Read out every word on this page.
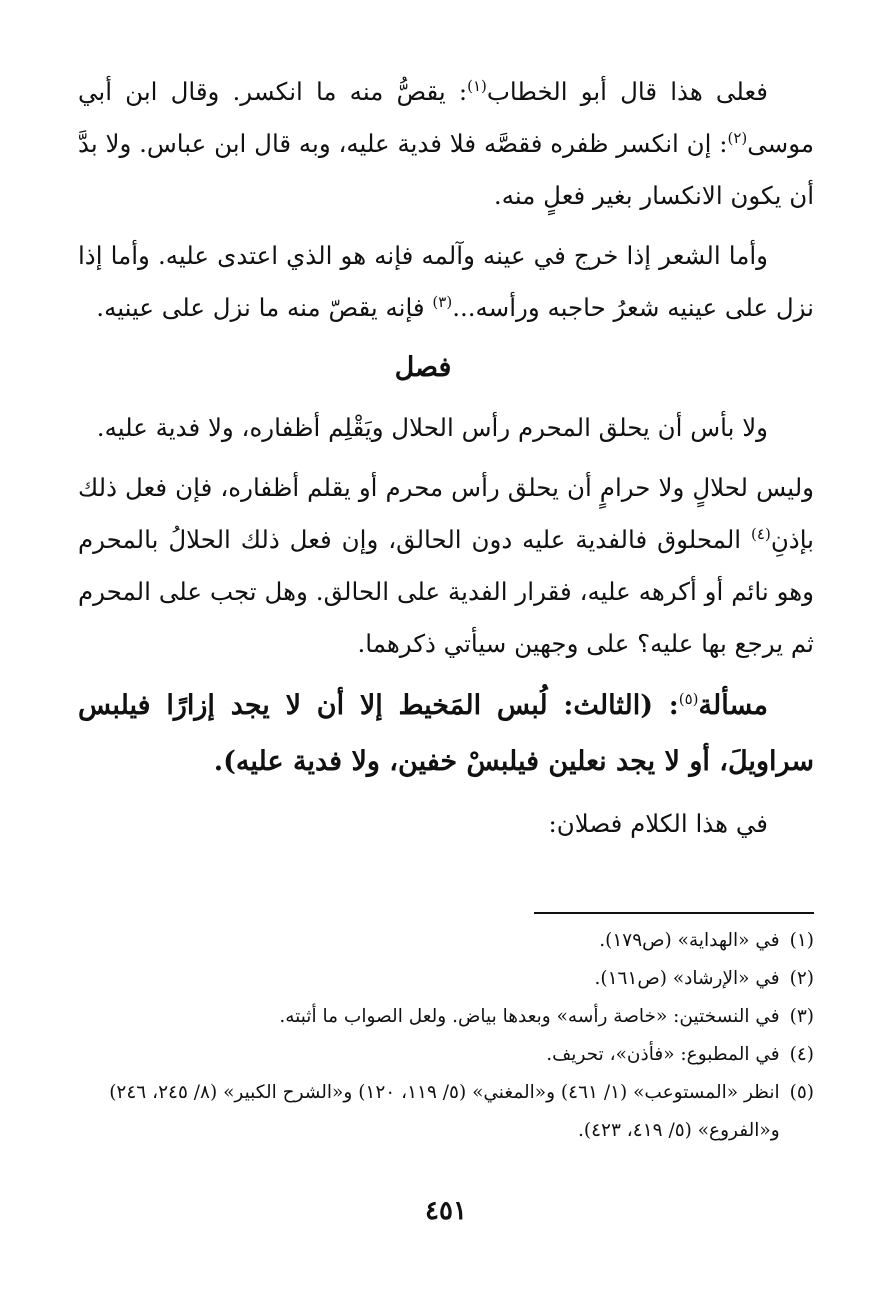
فعلى هذا قال أبو الخطاب$^{(١)}$: يقصُّ منه ما انكسر. وقال ابن أبي موسى$^{(٢)}$: إن انكسر ظفره فقصَّه فلا فدية عليه، وبه قال ابن عباس. ولا بدَّ أن يكون الانكسار بغير فعلٍ منه.

وأما الشعر إذا خرج في عينه وآلمه فإنه هو الذي اعتدى عليه. وأما إذا نزل على عينيه شعرُ حاجبه ورأسه...$^{(٣)}$ فإنه يقصّ منه ما نزل على عينيه.

فصل

ولا بأس أن يحلق المحرم رأس الحلال ويَقْلِم أظفاره، ولا فدية عليه.

وليس لحلالٍ ولا حرامٍ أن يحلق رأس محرم أو يقلم أظفاره، فإن فعل ذلك بإذنِ$^{(٤)}$ المحلوق فالفدية عليه دون الحالق، وإن فعل ذلك الحلالُ بالمحرم وهو نائم أو أكرهه عليه، فقرار الفدية على الحالق. وهل تجب على المحرم ثم يرجع بها عليه؟ على وجهين سيأتي ذكرهما.

مسألة$^{(٥)}$: (الثالث: لُبس المَخيط إلا أن لا يجد إزارًا فيلبس سراويلَ، أو لا يجد نعلين فيلبسْ خفين، ولا فدية عليه).

في هذا الكلام فصلان:

(١)
في «الهداية» (ص١٧٩).
(٢)
في «الإرشاد» (ص١٦١).
(٣)
في النسختين: «خاصة رأسه» وبعدها بياض. ولعل الصواب ما أثبته.
(٤)
في المطبوع: «فأذن»، تحريف.
(٥)
انظر «المستوعب» (١/ ٤٦١) و«المغني» (٥/ ١١٩، ١٢٠) و«الشرح الكبير» (٨/ ٢٤٥، ٢٤٦) و«الفروع» (٥/ ٤١٩، ٤٢٣).
٤٥١
